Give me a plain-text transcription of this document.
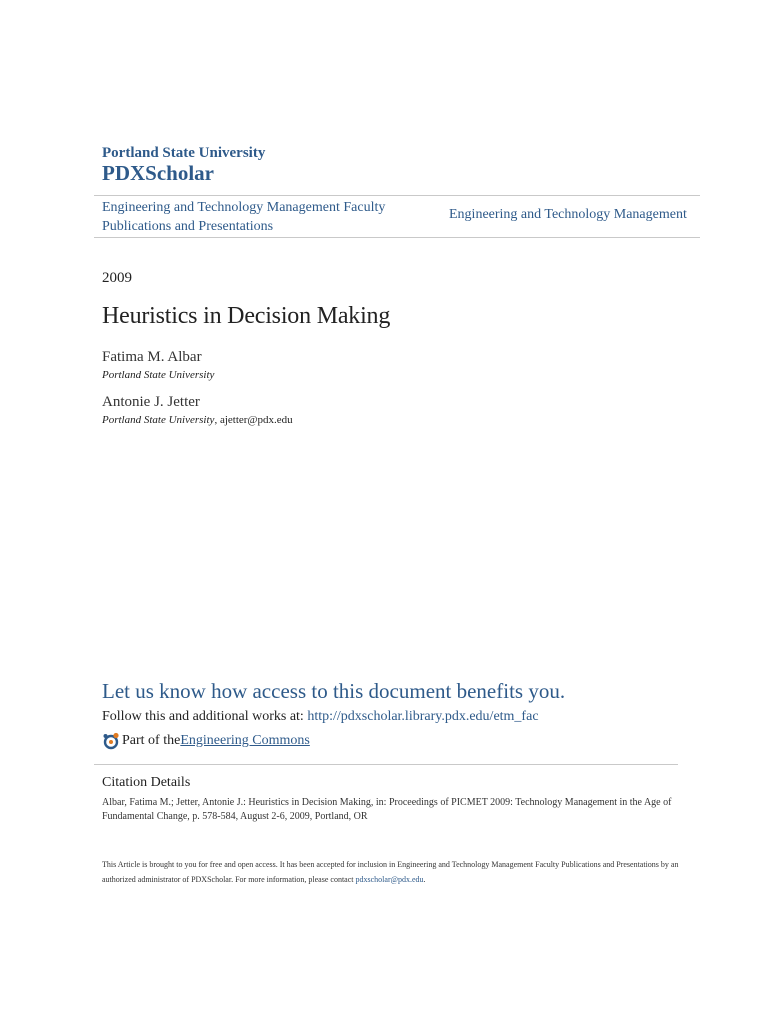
Portland State University
PDXScholar
Engineering and Technology Management Faculty Publications and Presentations
Engineering and Technology Management
2009
Heuristics in Decision Making
Fatima M. Albar
Portland State University
Antonie J. Jetter
Portland State University, ajetter@pdx.edu
Let us know how access to this document benefits you.
Follow this and additional works at: http://pdxscholar.library.pdx.edu/etm_fac
Part of the Engineering Commons
Citation Details
Albar, Fatima M.; Jetter, Antonie J.: Heuristics in Decision Making, in: Proceedings of PICMET 2009: Technology Management in the Age of Fundamental Change, p. 578-584, August 2-6, 2009, Portland, OR
This Article is brought to you for free and open access. It has been accepted for inclusion in Engineering and Technology Management Faculty Publications and Presentations by an authorized administrator of PDXScholar. For more information, please contact pdxscholar@pdx.edu.
